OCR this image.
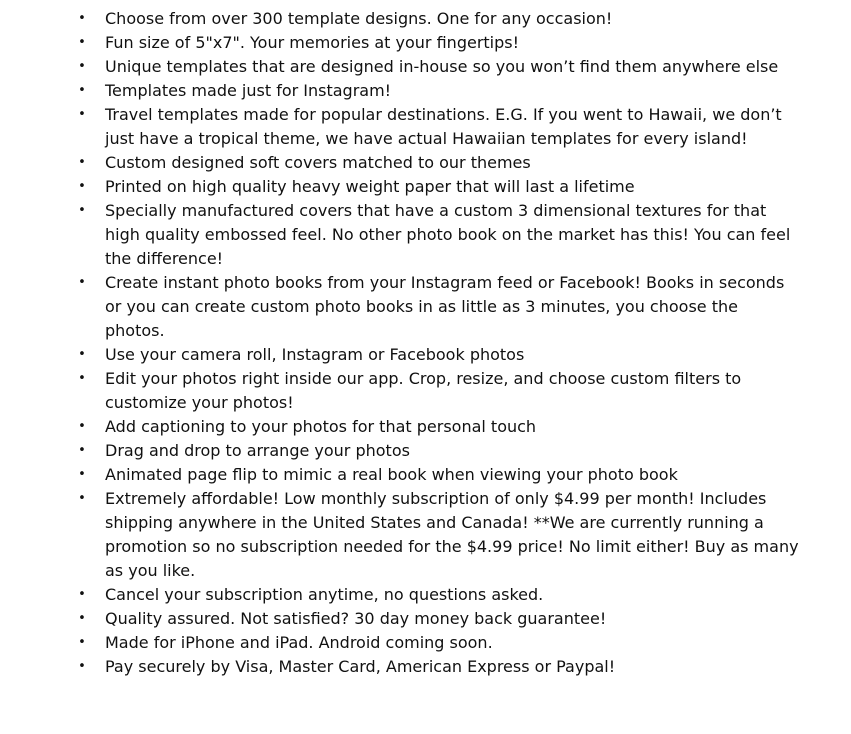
• Choose from over 300 template designs. One for any occasion!
• Fun size of 5"x7". Your memories at your fingertips!
• Unique templates that are designed in-house so you won’t find them anywhere else
• Templates made just for Instagram!
• Travel templates made for popular destinations. E.G. If you went to Hawaii, we don’t just have a tropical theme, we have actual Hawaiian templates for every island!
• Custom designed soft covers matched to our themes
• Printed on high quality heavy weight paper that will last a lifetime
• Specially manufactured covers that have a custom 3 dimensional textures for that high quality embossed feel. No other photo book on the market has this! You can feel the difference!
• Create instant photo books from your Instagram feed or Facebook! Books in seconds or you can create custom photo books in as little as 3 minutes, you choose the photos.
• Use your camera roll, Instagram or Facebook photos
• Edit your photos right inside our app. Crop, resize, and choose custom filters to customize your photos!
• Add captioning to your photos for that personal touch
• Drag and drop to arrange your photos
• Animated page flip to mimic a real book when viewing your photo book
• Extremely affordable! Low monthly subscription of only $4.99 per month! Includes shipping anywhere in the United States and Canada! **We are currently running a promotion so no subscription needed for the $4.99 price! No limit either! Buy as many as you like.
• Cancel your subscription anytime, no questions asked.
• Quality assured. Not satisfied? 30 day money back guarantee!
• Made for iPhone and iPad. Android coming soon.
• Pay securely by Visa, Master Card, American Express or Paypal!
